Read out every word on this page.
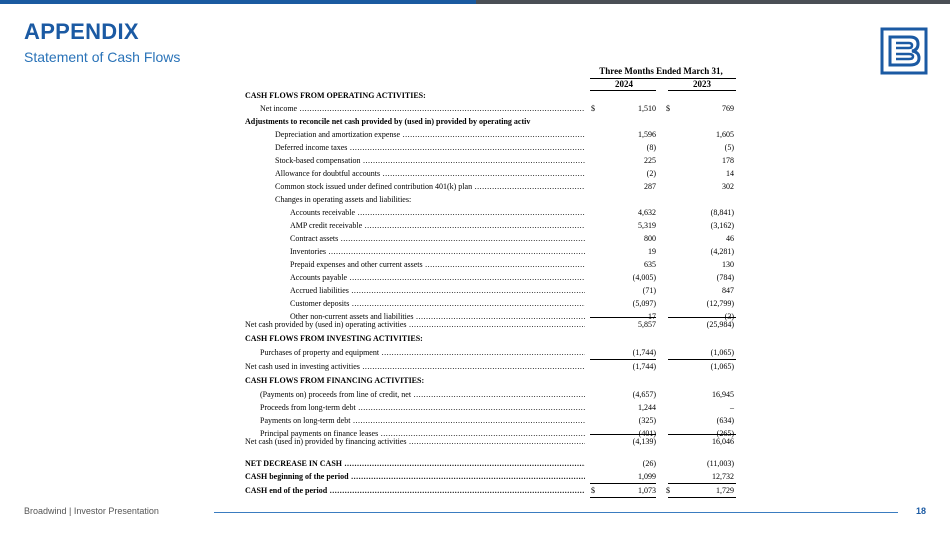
APPENDIX
Statement of Cash Flows
Three Months Ended March 31,
2024	2023
CASH FLOWS FROM OPERATING ACTIVITIES:
Net income .....	$	1,510 $	769
Adjustments to reconcile net cash provided by (used in) provided by operating activ
Depreciation and amortization expense .....	1,596	1,605
Deferred income taxes .....	(8)	(5)
Stock-based compensation .....	225	178
Allowance for doubtful accounts .....	(2)	14
Common stock issued under defined contribution 401(k) plan .....	287	302
Changes in operating assets and liabilities:
Accounts receivable .....	4,632	(8,841)
AMP credit receivable .....	5,319	(3,162)
Contract assets .....	800	46
Inventories .....	19	(4,281)
Prepaid expenses and other current assets .....	635	130
Accounts payable .....	(4,005)	(784)
Accrued liabilities .....	(71)	847
Customer deposits .....	(5,097)	(12,799)
Other non-current assets and liabilities .....	17	(3)
Net cash provided by (used in) operating activities .....	5,857	(25,984)
CASH FLOWS FROM INVESTING ACTIVITIES:
Purchases of property and equipment .....	(1,744)	(1,065)
Net cash used in investing activities .....	(1,744)	(1,065)
CASH FLOWS FROM FINANCING ACTIVITIES:
(Payments on) proceeds from line of credit, net .....	(4,657)	16,945
Proceeds from long-term debt .....	1,244	–
Payments on long-term debt .....	(325)	(634)
Principal payments on finance leases .....	(401)	(265)
Net cash (used in) provided by financing activities .....	(4,139)	16,046
NET DECREASE IN CASH .....	(26)	(11,003)
CASH beginning of the period .....	1,099	12,732
CASH end of the period .....	$	1,073 $	1,729
Broadwind | Investor Presentation	18
